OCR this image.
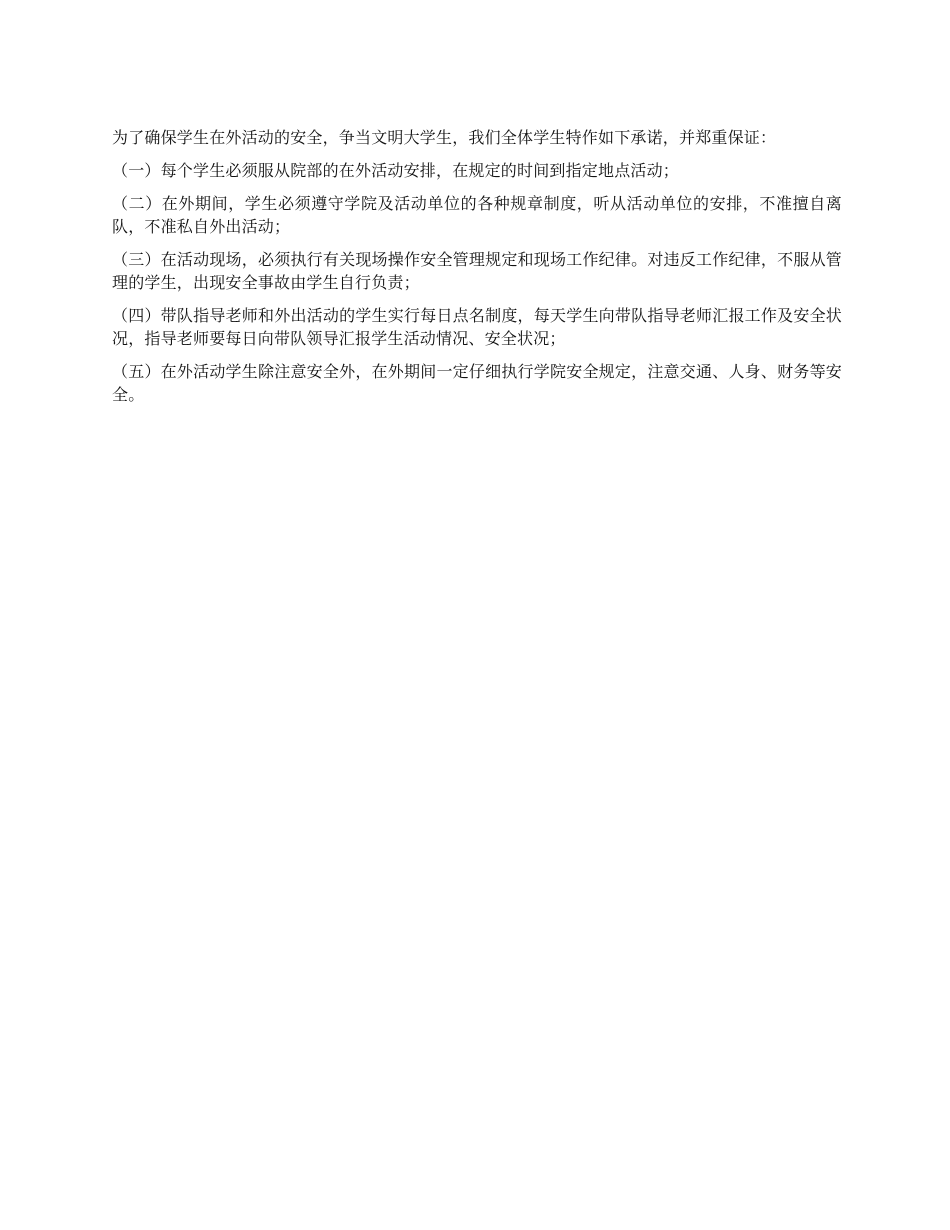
为了确保学生在外活动的安全，争当文明大学生，我们全体学生特作如下承诺，并郑重保证：

（一）每个学生必须服从院部的在外活动安排，在规定的时间到指定地点活动；

（二）在外期间，学生必须遵守学院及活动单位的各种规章制度，听从活动单位的安排，不准擅自离队，不准私自外出活动；

（三）在活动现场，必须执行有关现场操作安全管理规定和现场工作纪律。对违反工作纪律，不服从管理的学生，出现安全事故由学生自行负责；

（四）带队指导老师和外出活动的学生实行每日点名制度，每天学生向带队指导老师汇报工作及安全状况，指导老师要每日向带队领导汇报学生活动情况、安全状况；

（五）在外活动学生除注意安全外，在外期间一定仔细执行学院安全规定，注意交通、人身、财务等安全。
